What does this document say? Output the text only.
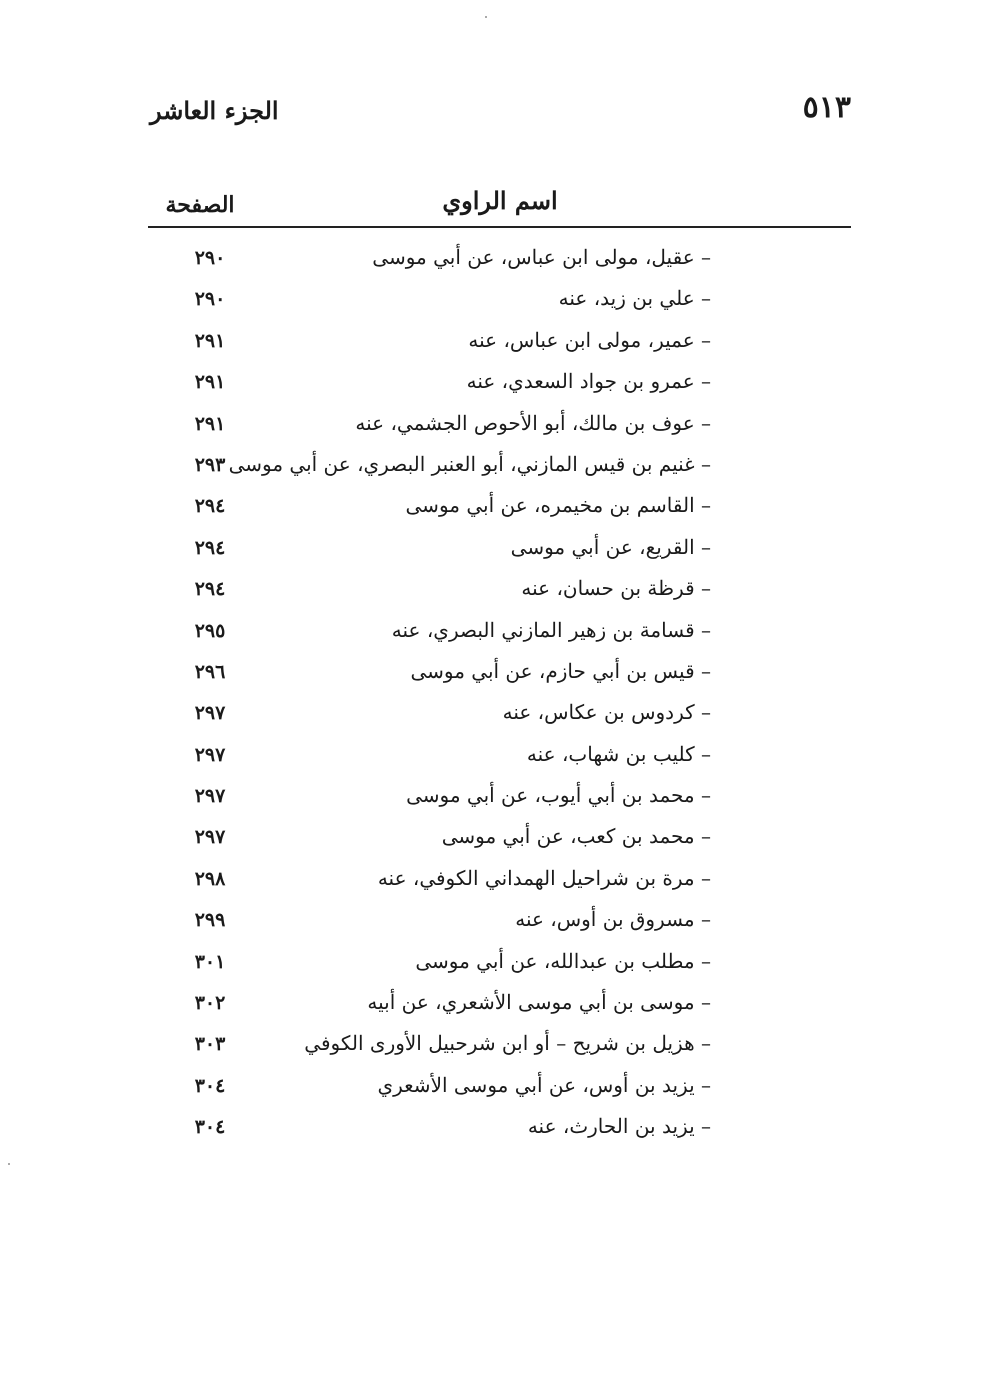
٥١٣
الجزء العاشر
اسم الراوي
الصفحة
– عقيل، مولى ابن عباس، عن أبي موسى
٢٩٠
– علي بن زيد، عنه
٢٩٠
– عمير، مولى ابن عباس، عنه
٢٩١
– عمرو بن جواد السعدي، عنه
٢٩١
– عوف بن مالك، أبو الأحوص الجشمي، عنه
٢٩١
– غنيم بن قيس المازني، أبو العنبر البصري، عن أبي موسى
٢٩٣
– القاسم بن مخيمره، عن أبي موسى
٢٩٤
– القريع، عن أبي موسى
٢٩٤
– قرظة بن حسان، عنه
٢٩٤
– قسامة بن زهير المازني البصري، عنه
٢٩٥
– قيس بن أبي حازم، عن أبي موسى
٢٩٦
– كردوس بن عكاس، عنه
٢٩٧
– كليب بن شهاب، عنه
٢٩٧
– محمد بن أبي أيوب، عن أبي موسى
٢٩٧
– محمد بن كعب، عن أبي موسى
٢٩٧
– مرة بن شراحيل الهمداني الكوفي، عنه
٢٩٨
– مسروق بن أوس، عنه
٢٩٩
– مطلب بن عبدالله، عن أبي موسى
٣٠١
– موسى بن أبي موسى الأشعري، عن أبيه
٣٠٢
– هزيل بن شريح – أو ابن شرحبيل الأورى الكوفي
٣٠٣
– يزيد بن أوس، عن أبي موسى الأشعري
٣٠٤
– يزيد بن الحارث، عنه
٣٠٤
